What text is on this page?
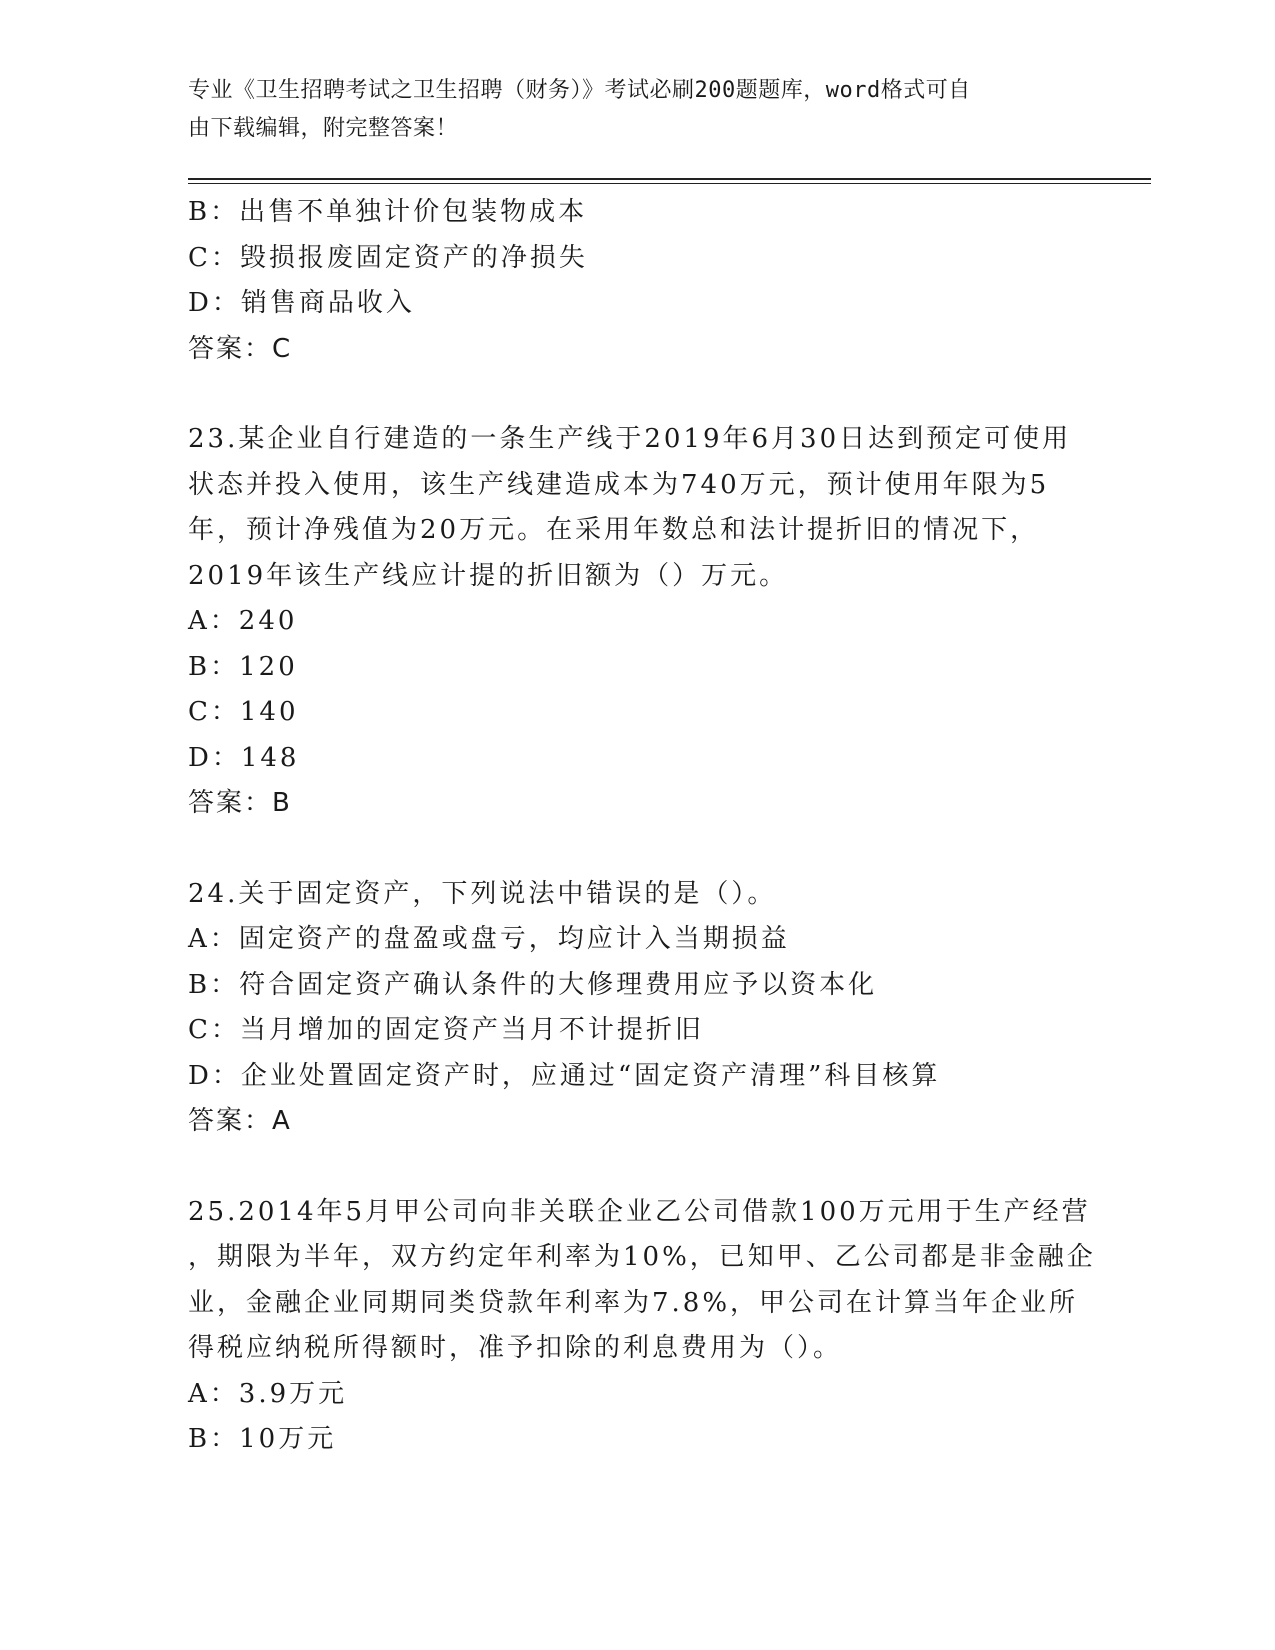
专业《卫生招聘考试之卫生招聘（财务）》考试必刷200题题库，word格式可自
由下载编辑，附完整答案！
B：出售不单独计价包装物成本
C：毁损报废固定资产的净损失
D：销售商品收入
答案：C
23.某企业自行建造的一条生产线于2019年6月30日达到预定可使用
状态并投入使用，该生产线建造成本为740万元，预计使用年限为5
年，预计净残值为20万元。在采用年数总和法计提折旧的情况下，
2019年该生产线应计提的折旧额为（）万元。
A：240
B：120
C：140
D：148
答案：B
24.关于固定资产，下列说法中错误的是（）。
A：固定资产的盘盈或盘亏，均应计入当期损益
B：符合固定资产确认条件的大修理费用应予以资本化
C：当月增加的固定资产当月不计提折旧
D：企业处置固定资产时，应通过“固定资产清理”科目核算
答案：A
25.2014年5月甲公司向非关联企业乙公司借款100万元用于生产经营
，期限为半年，双方约定年利率为10%，已知甲、乙公司都是非金融企
业，金融企业同期同类贷款年利率为7.8%，甲公司在计算当年企业所
得税应纳税所得额时，准予扣除的利息费用为（）。
A：3.9万元
B：10万元
